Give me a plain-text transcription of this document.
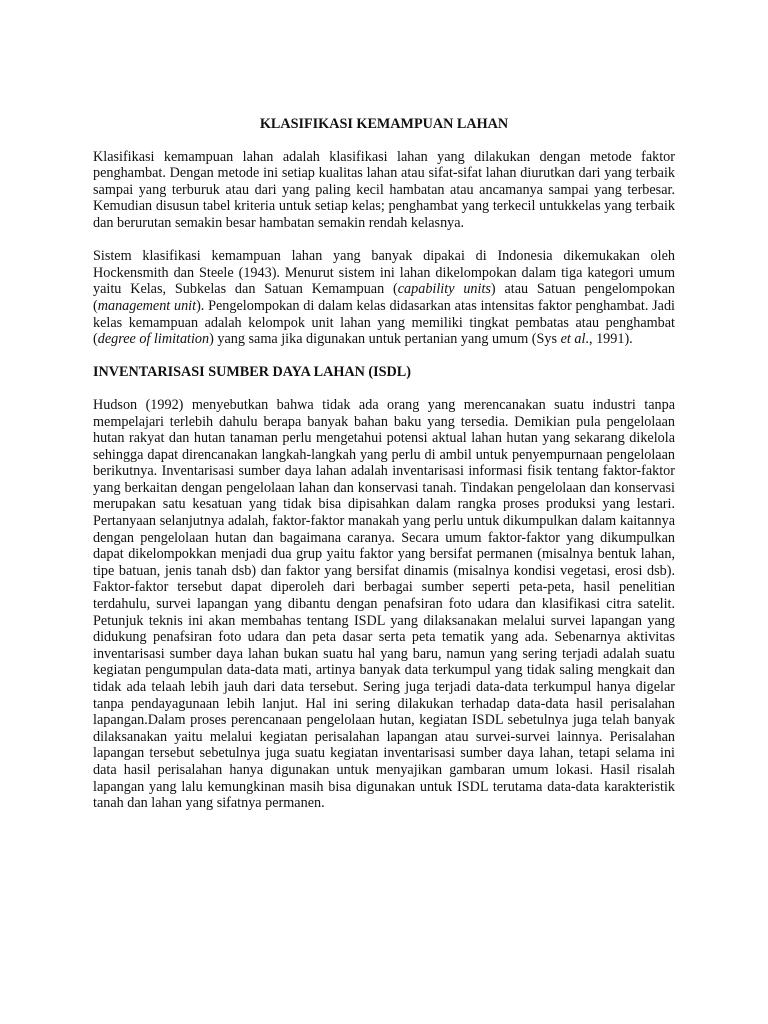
KLASIFIKASI KEMAMPUAN LAHAN

Klasifikasi kemampuan lahan adalah klasifikasi lahan yang dilakukan dengan metode faktor penghambat. Dengan metode ini setiap kualitas lahan atau sifat-sifat lahan diurutkan dari yang terbaik sampai yang terburuk atau dari yang paling kecil hambatan atau ancamanya sampai yang terbesar. Kemudian disusun tabel kriteria untuk setiap kelas; penghambat yang terkecil untukkelas yang terbaik dan berurutan semakin besar hambatan semakin rendah kelasnya.

Sistem klasifikasi kemampuan lahan yang banyak dipakai di Indonesia dikemukakan oleh Hockensmith dan Steele (1943). Menurut sistem ini lahan dikelompokan dalam tiga kategori umum yaitu Kelas, Subkelas dan Satuan Kemampuan (capability units) atau Satuan pengelompokan (management unit). Pengelompokan di dalam kelas didasarkan atas intensitas faktor penghambat. Jadi kelas kemampuan adalah kelompok unit lahan yang memiliki tingkat pembatas atau penghambat (degree of limitation) yang sama jika digunakan untuk pertanian yang umum (Sys et al., 1991).

INVENTARISASI SUMBER DAYA LAHAN (ISDL)

Hudson (1992) menyebutkan bahwa tidak ada orang yang merencanakan suatu industri tanpa mempelajari terlebih dahulu berapa banyak bahan baku yang tersedia. Demikian pula pengelolaan hutan rakyat dan hutan tanaman perlu mengetahui potensi aktual lahan hutan yang sekarang dikelola sehingga dapat direncanakan langkah-langkah yang perlu di ambil untuk penyempurnaan pengelolaan berikutnya. Inventarisasi sumber daya lahan adalah inventarisasi informasi fisik tentang faktor-faktor yang berkaitan dengan pengelolaan lahan dan konservasi tanah. Tindakan pengelolaan dan konservasi merupakan satu kesatuan yang tidak bisa dipisahkan dalam rangka proses produksi yang lestari. Pertanyaan selanjutnya adalah, faktor-faktor manakah yang perlu untuk dikumpulkan dalam kaitannya dengan pengelolaan hutan dan bagaimana caranya. Secara umum faktor-faktor yang dikumpulkan dapat dikelompokkan menjadi dua grup yaitu faktor yang bersifat permanen (misalnya bentuk lahan, tipe batuan, jenis tanah dsb) dan faktor yang bersifat dinamis (misalnya kondisi vegetasi, erosi dsb). Faktor-faktor tersebut dapat diperoleh dari berbagai sumber seperti peta-peta, hasil penelitian terdahulu, survei lapangan yang dibantu dengan penafsiran foto udara dan klasifikasi citra satelit. Petunjuk teknis ini akan membahas tentang ISDL yang dilaksanakan melalui survei lapangan yang didukung penafsiran foto udara dan peta dasar serta peta tematik yang ada. Sebenarnya aktivitas inventarisasi sumber daya lahan bukan suatu hal yang baru, namun yang sering terjadi adalah suatu kegiatan pengumpulan data-data mati, artinya banyak data terkumpul yang tidak saling mengkait dan tidak ada telaah lebih jauh dari data tersebut. Sering juga terjadi data-data terkumpul hanya digelar tanpa pendayagunaan lebih lanjut. Hal ini sering dilakukan terhadap data-data hasil perisalahan lapangan.Dalam proses perencanaan pengelolaan hutan, kegiatan ISDL sebetulnya juga telah banyak dilaksanakan yaitu melalui kegiatan perisalahan lapangan atau survei-survei lainnya. Perisalahan lapangan tersebut sebetulnya juga suatu kegiatan inventarisasi sumber daya lahan, tetapi selama ini data hasil perisalahan hanya digunakan untuk menyajikan gambaran umum lokasi. Hasil risalah lapangan yang lalu kemungkinan masih bisa digunakan untuk ISDL terutama data-data karakteristik tanah dan lahan yang sifatnya permanen.
